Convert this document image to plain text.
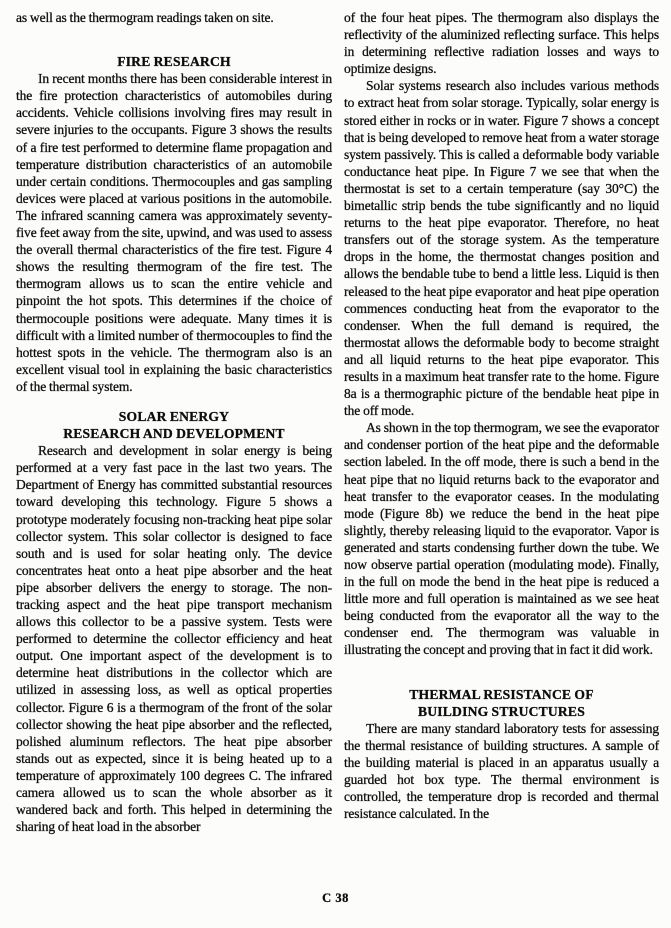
as well as the thermogram readings taken on site.

FIRE RESEARCH

In recent months there has been considerable interest in the fire protection characteristics of automobiles during accidents. Vehicle collisions involving fires may result in severe injuries to the occupants. Figure 3 shows the results of a fire test performed to determine flame propagation and temperature distribution characteristics of an automobile under certain conditions. Thermocouples and gas sampling devices were placed at various positions in the automobile. The infrared scanning camera was approximately seventy-five feet away from the site, upwind, and was used to assess the overall thermal characteristics of the fire test. Figure 4 shows the resulting thermogram of the fire test. The thermogram allows us to scan the entire vehicle and pinpoint the hot spots. This determines if the choice of thermocouple positions were adequate. Many times it is difficult with a limited number of thermocouples to find the hottest spots in the vehicle. The thermogram also is an excellent visual tool in explaining the basic characteristics of the thermal system.

SOLAR ENERGY
RESEARCH AND DEVELOPMENT

Research and development in solar energy is being performed at a very fast pace in the last two years. The Department of Energy has committed substantial resources toward developing this technology. Figure 5 shows a prototype moderately focusing non-tracking heat pipe solar collector system. This solar collector is designed to face south and is used for solar heating only. The device concentrates heat onto a heat pipe absorber and the heat pipe absorber delivers the energy to storage. The non-tracking aspect and the heat pipe transport mechanism allows this collector to be a passive system. Tests were performed to determine the collector efficiency and heat output. One important aspect of the development is to determine heat distributions in the collector which are utilized in assessing loss, as well as optical properties collector. Figure 6 is a thermogram of the front of the solar collector showing the heat pipe absorber and the reflected, polished aluminum reflectors. The heat pipe absorber stands out as expected, since it is being heated up to a temperature of approximately 100 degrees C. The infrared camera allowed us to scan the whole absorber as it wandered back and forth. This helped in determining the sharing of heat load in the absorber

of the four heat pipes. The thermogram also displays the reflectivity of the aluminized reflecting surface. This helps in determining reflective radiation losses and ways to optimize designs.

Solar systems research also includes various methods to extract heat from solar storage. Typically, solar energy is stored either in rocks or in water. Figure 7 shows a concept that is being developed to remove heat from a water storage system passively. This is called a deformable body variable conductance heat pipe. In Figure 7 we see that when the thermostat is set to a certain temperature (say 30°C) the bimetallic strip bends the tube significantly and no liquid returns to the heat pipe evaporator. Therefore, no heat transfers out of the storage system. As the temperature drops in the home, the thermostat changes position and allows the bendable tube to bend a little less. Liquid is then released to the heat pipe evaporator and heat pipe operation commences conducting heat from the evaporator to the condenser. When the full demand is required, the thermostat allows the deformable body to become straight and all liquid returns to the heat pipe evaporator. This results in a maximum heat transfer rate to the home. Figure 8a is a thermographic picture of the bendable heat pipe in the off mode.

As shown in the top thermogram, we see the evaporator and condenser portion of the heat pipe and the deformable section labeled. In the off mode, there is such a bend in the heat pipe that no liquid returns back to the evaporator and heat transfer to the evaporator ceases. In the modulating mode (Figure 8b) we reduce the bend in the heat pipe slightly, thereby releasing liquid to the evaporator. Vapor is generated and starts condensing further down the tube. We now observe partial operation (modulating mode). Finally, in the full on mode the bend in the heat pipe is reduced a little more and full operation is maintained as we see heat being conducted from the evaporator all the way to the condenser end. The thermogram was valuable in illustrating the concept and proving that in fact it did work.

THERMAL RESISTANCE OF
BUILDING STRUCTURES

There are many standard laboratory tests for assessing the thermal resistance of building structures. A sample of the building material is placed in an apparatus usually a guarded hot box type. The thermal environment is controlled, the temperature drop is recorded and thermal resistance calculated. In the

C 38
